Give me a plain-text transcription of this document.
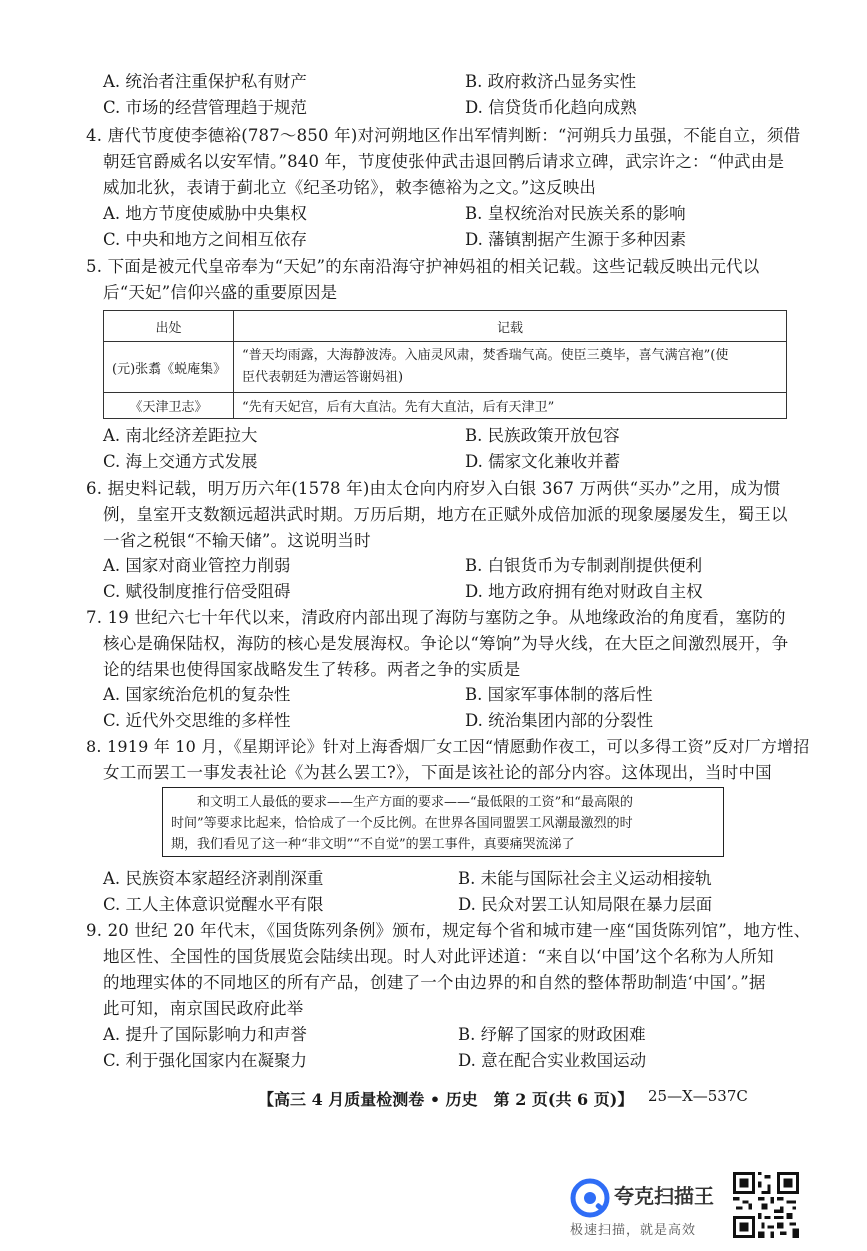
A. 统治者注重保护私有财产	B. 政府救济凸显务实性
C. 市场的经营管理趋于规范	D. 信贷货币化趋向成熟
4. 唐代节度使李德裕(787～850 年)对河朔地区作出军情判断：“河朔兵力虽强，不能自立，须借
朝廷官爵威名以安军情。”840 年，节度使张仲武击退回鹘后请求立碑，武宗许之：“仲武由是
威加北狄，表请于蓟北立《纪圣功铭》，敕李德裕为之文。”这反映出
A. 地方节度使威胁中央集权	B. 皇权统治对民族关系的影响
C. 中央和地方之间相互依存	D. 藩镇割据产生源于多种因素
5. 下面是被元代皇帝奉为“天妃”的东南沿海守护神妈祖的相关记载。这些记载反映出元代以
后“天妃”信仰兴盛的重要原因是
出处	记载
(元)张翥《蜕庵集》	“普天均雨露，大海静波涛。入庙灵风肃，焚香瑞气高。使臣三奠毕，喜气满宫袍”(使
臣代表朝廷为漕运答谢妈祖)

《天津卫志》	“先有天妃宫，后有大直沽。先有大直沽，后有天津卫”
A. 南北经济差距拉大	B. 民族政策开放包容
C. 海上交通方式发展	D. 儒家文化兼收并蓄
6. 据史料记载，明万历六年(1578 年)由太仓向内府岁入白银 367 万两供“买办”之用，成为惯
例，皇室开支数额远超洪武时期。万历后期，地方在正赋外成倍加派的现象屡屡发生，蜀王以
一省之税银“不输天储”。这说明当时
A. 国家对商业管控力削弱	B. 白银货币为专制剥削提供便利
C. 赋役制度推行倍受阻碍	D. 地方政府拥有绝对财政自主权
7. 19 世纪六七十年代以来，清政府内部出现了海防与塞防之争。从地缘政治的角度看，塞防的
核心是确保陆权，海防的核心是发展海权。争论以“筹饷”为导火线，在大臣之间激烈展开，争
论的结果也使得国家战略发生了转移。两者之争的实质是
A. 国家统治危机的复杂性	B. 国家军事体制的落后性
C. 近代外交思维的多样性	D. 统治集团内部的分裂性
8. 1919 年 10 月，《星期评论》针对上海香烟厂女工因“情愿動作夜工，可以多得工资”反对厂方增招
女工而罢工一事发表社论《为甚么罢工?》，下面是该社论的部分内容。这体现出，当时中国
和文明工人最低的要求——生产方面的要求——“最低限的工资”和“最高限的
时间”等要求比起来，恰恰成了一个反比例。在世界各国同盟罢工风潮最激烈的时
期，我们看见了这一种“非文明”“不自觉”的罢工事件，真要痛哭流涕了
A. 民族资本家超经济剥削深重	B. 未能与国际社会主义运动相接轨
C. 工人主体意识觉醒水平有限	D. 民众对罢工认知局限在暴力层面
9. 20 世纪 20 年代末，《国货陈列条例》颁布，规定每个省和城市建一座“国货陈列馆”，地方性、
地区性、全国性的国货展览会陆续出现。时人对此评述道：“来自以‘中国’这个名称为人所知
的地理实体的不同地区的所有产品，创建了一个由边界的和自然的整体帮助制造‘中国’。”据
此可知，南京国民政府此举
A. 提升了国际影响力和声誉	B. 纾解了国家的财政困难
C. 利于强化国家内在凝聚力	D. 意在配合实业救国运动
【高三 4 月质量检测卷 • 历史　第 2 页(共 6 页)】 25—X—537C
夸克扫描王
极速扫描，就是高效
